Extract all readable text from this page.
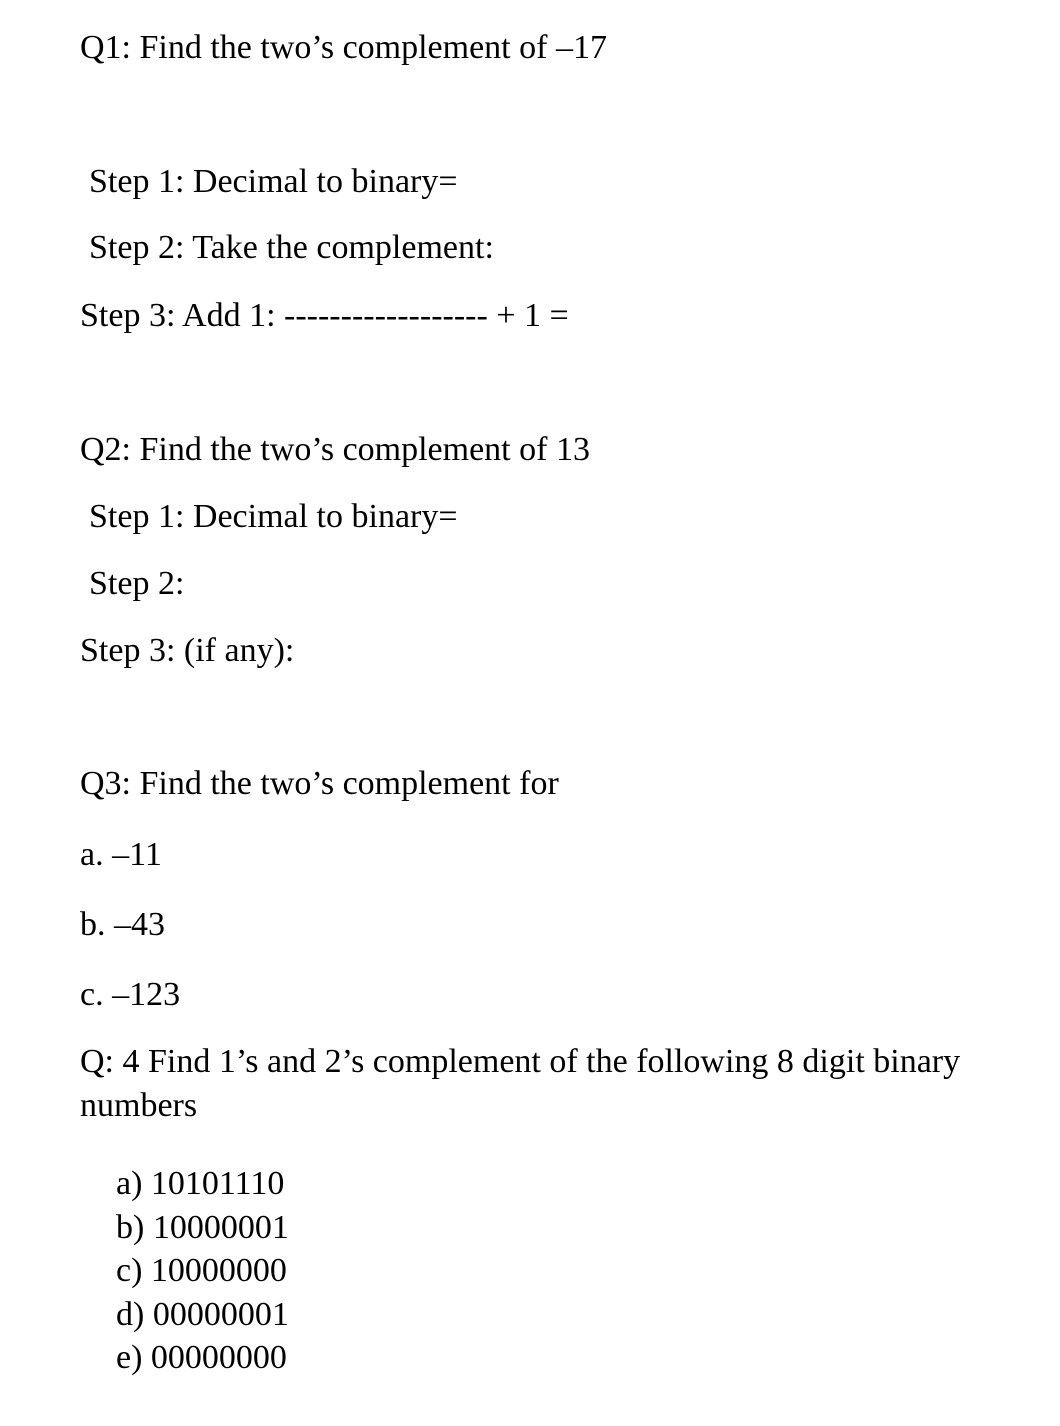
Q1: Find the two’s complement of –17
Step 1: Decimal to binary=
Step 2: Take the complement:
Step 3: Add 1: ------------------ + 1 =
Q2: Find the two’s complement of 13
Step 1: Decimal to binary=
Step 2:
Step 3: (if any):
Q3: Find the two’s complement for
a. –11
b. –43
c. –123
Q: 4 Find 1’s and 2’s complement of the following 8 digit binary numbers
a) 10101110
b) 10000001
c) 10000000
d) 00000001
e) 00000000
